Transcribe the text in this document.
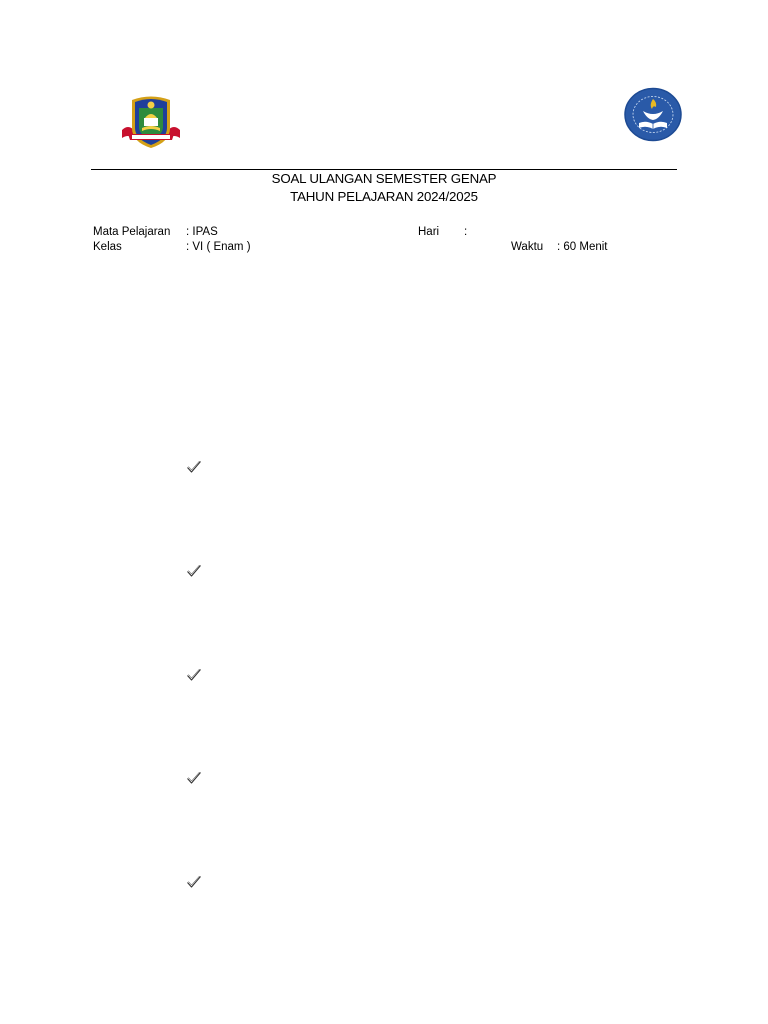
SOAL ULANGAN SEMESTER GENAP
TAHUN PELAJARAN 2024/2025
Mata Pelajaran : IPAS	Hari :
Kelas	: VI ( Enam )	Waktu : 60 Menit
